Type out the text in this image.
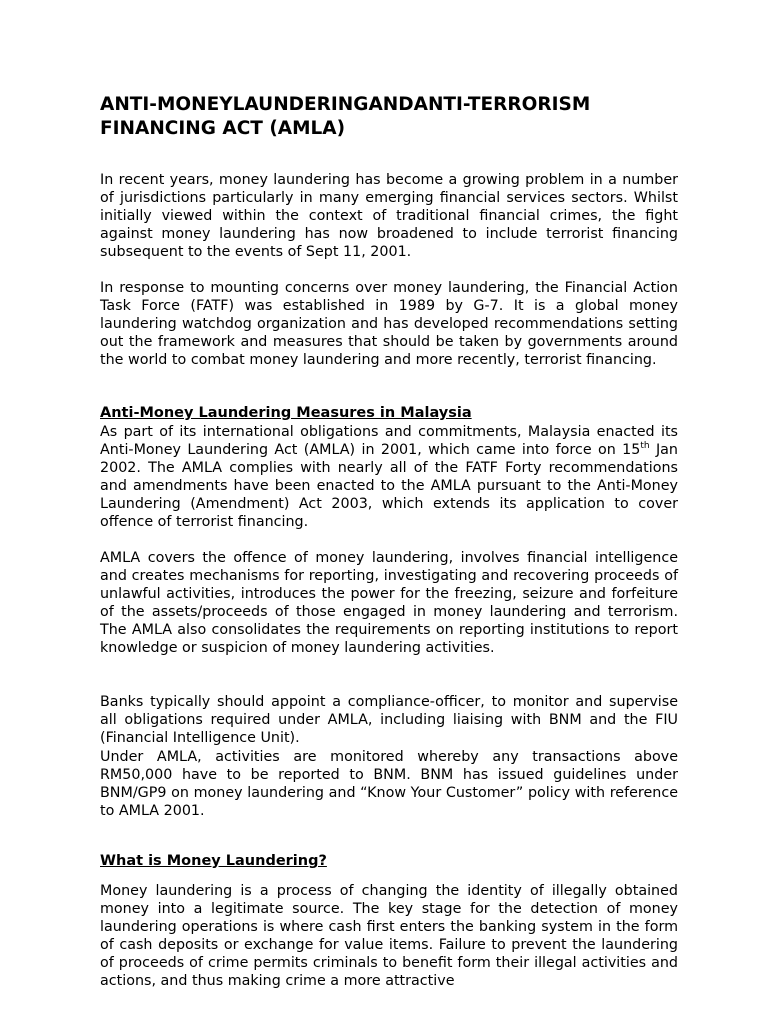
ANTI-MONEYLAUNDERINGANDANTI-TERRORISM
FINANCING ACT (AMLA)

In recent years, money laundering has become a growing problem in a number of jurisdictions particularly in many emerging financial services sectors. Whilst initially viewed within the context of traditional financial crimes, the fight against money laundering has now broadened to include terrorist financing subsequent to the events of Sept 11, 2001.

In response to mounting concerns over money laundering, the Financial Action Task Force (FATF) was established in 1989 by G-7. It is a global money laundering watchdog organization and has developed recommendations setting out the framework and measures that should be taken by governments around the world to combat money laundering and more recently, terrorist financing.

Anti-Money Laundering Measures in Malaysia

As part of its international obligations and commitments, Malaysia enacted its Anti-Money Laundering Act (AMLA) in 2001, which came into force on 15th Jan 2002. The AMLA complies with nearly all of the FATF Forty recommendations and amendments have been enacted to the AMLA pursuant to the Anti-Money Laundering (Amendment) Act 2003, which extends its application to cover offence of terrorist financing.

AMLA covers the offence of money laundering, involves financial intelligence and creates mechanisms for reporting, investigating and recovering proceeds of unlawful activities, introduces the power for the freezing, seizure and forfeiture of the assets/proceeds of those engaged in money laundering and terrorism. The AMLA also consolidates the requirements on reporting institutions to report knowledge or suspicion of money laundering activities.

Banks typically should appoint a compliance-officer, to monitor and supervise all obligations required under AMLA, including liaising with BNM and the FIU (Financial Intelligence Unit).

Under AMLA, activities are monitored whereby any transactions above RM50,000 have to be reported to BNM. BNM has issued guidelines under BNM/GP9 on money laundering and “Know Your Customer” policy with reference to AMLA 2001.

What is Money Laundering?

Money laundering is a process of changing the identity of illegally obtained money into a legitimate source. The key stage for the detection of money laundering operations is where cash first enters the banking system in the form of cash deposits or exchange for value items. Failure to prevent the laundering of proceeds of crime permits criminals to benefit form their illegal activities and actions, and thus making crime a more attractive
